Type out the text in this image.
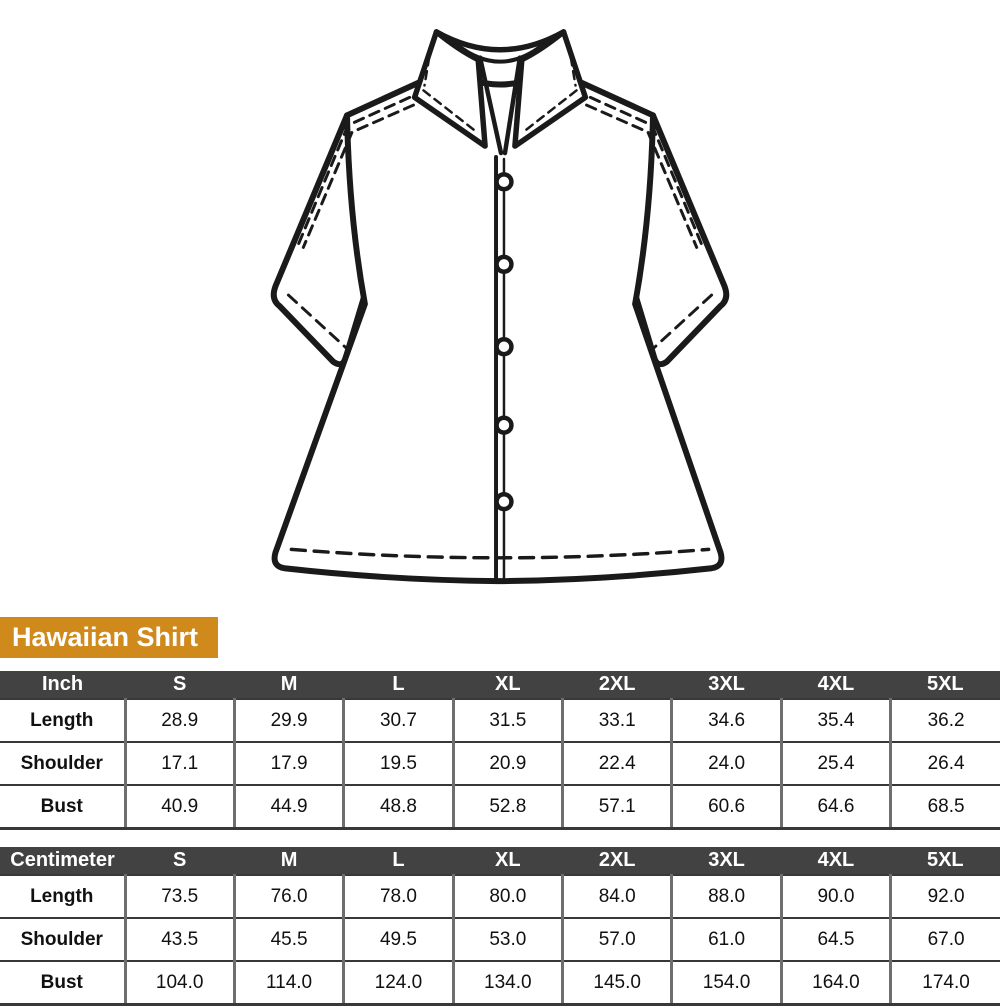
Hawaiian Shirt
Inch	S	M	L	XL	2XL	3XL	4XL	5XL
Length	28.9	29.9	30.7	31.5	33.1	34.6	35.4	36.2
Shoulder	17.1	17.9	19.5	20.9	22.4	24.0	25.4	26.4
Bust	40.9	44.9	48.8	52.8	57.1	60.6	64.6	68.5
Centimeter	S	M	L	XL	2XL	3XL	4XL	5XL
Length	73.5	76.0	78.0	80.0	84.0	88.0	90.0	92.0
Shoulder	43.5	45.5	49.5	53.0	57.0	61.0	64.5	67.0
Bust	104.0	114.0	124.0	134.0	145.0	154.0	164.0	174.0
